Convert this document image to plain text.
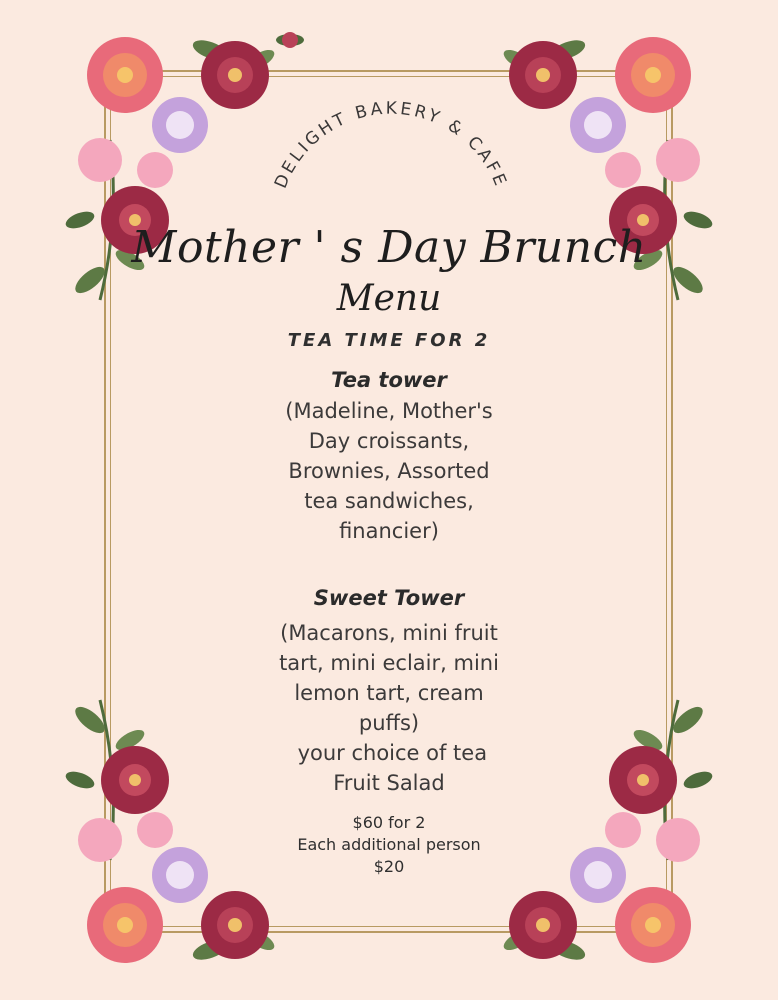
DELIGHT BAKERY & CAFE
Mother ' s Day Brunch
Menu
TEA TIME FOR 2
Tea tower
(Madeline, Mother's
Day croissants,
Brownies, Assorted
tea sandwiches,
financier)
Sweet Tower
(Macarons, mini fruit
tart, mini eclair, mini
lemon tart, cream
puffs)
your choice of tea
Fruit Salad
$60 for 2
Each additional person
$20
